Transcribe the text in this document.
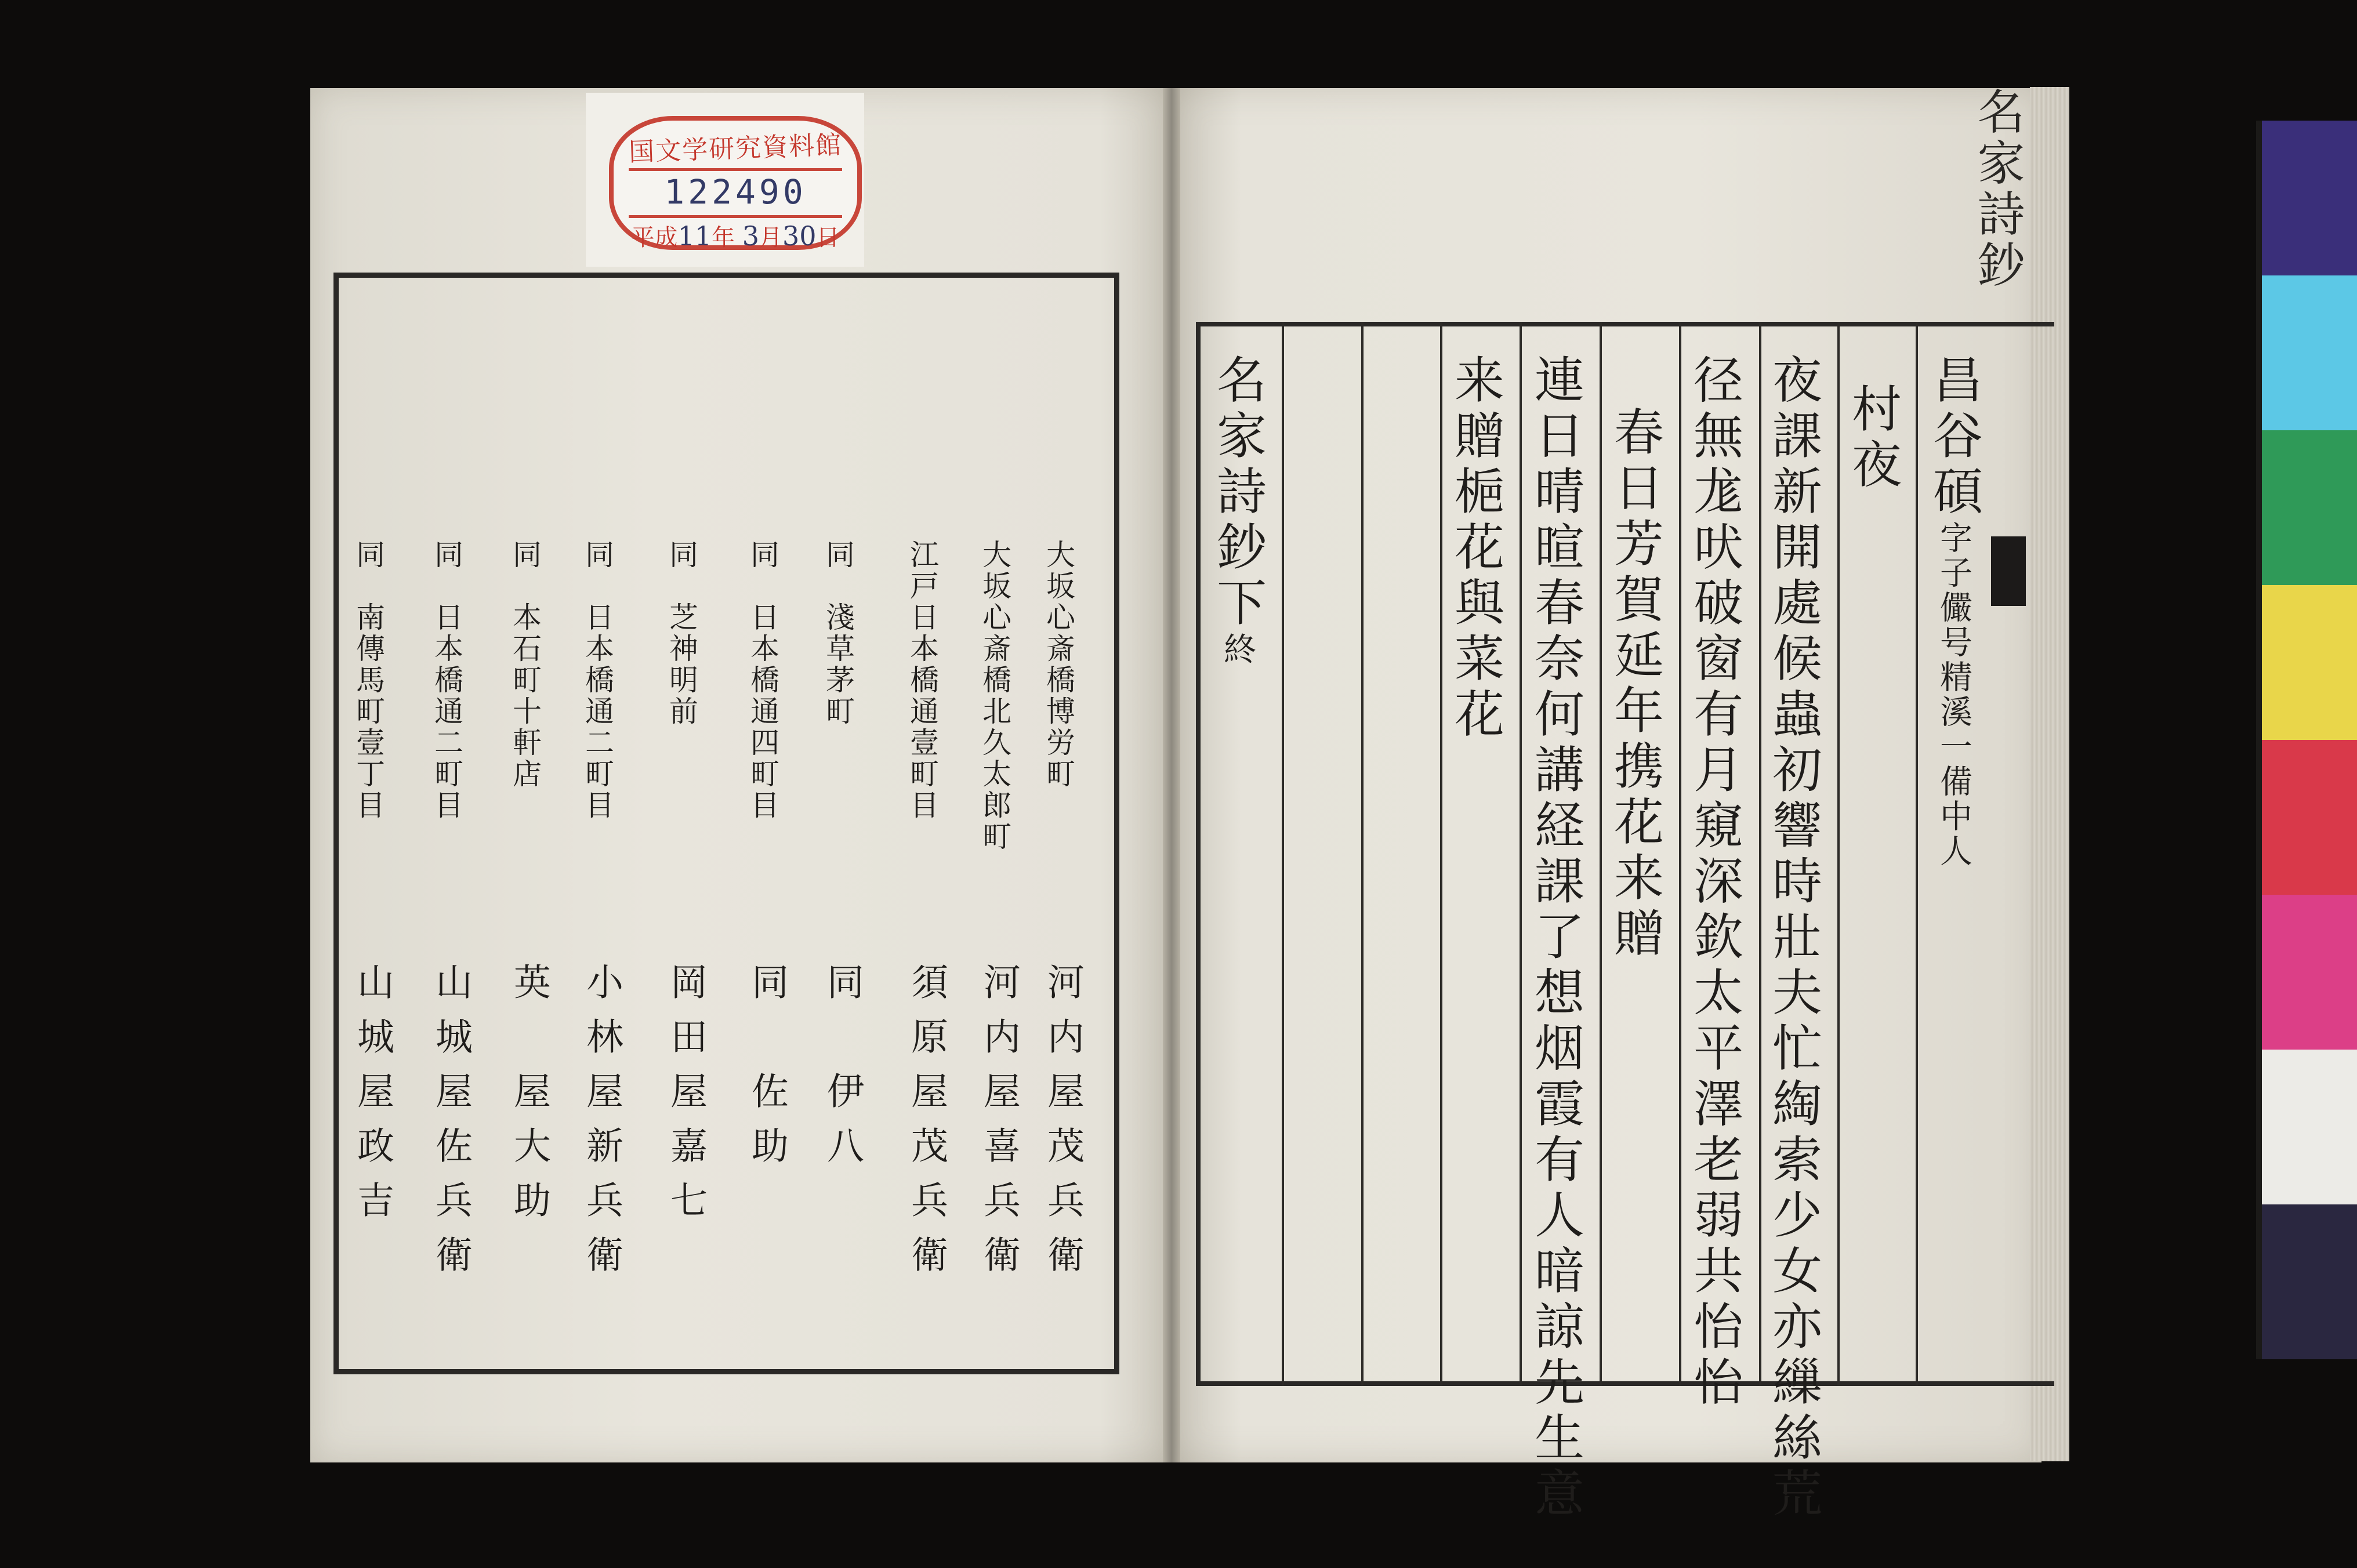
国文学研究資料館
122490
平成11年 3月30日
大坂心斎橋博労町
河内屋茂兵衛
大坂心斎橋北久太郎町
河内屋喜兵衛
江戸日本橋通壹町目
須原屋茂兵衛
同　淺草茅町
同　伊八
同　日本橋通四町目
同　佐助
同　芝神明前
岡田屋嘉七
同　日本橋通二町目
小林屋新兵衛
同　本石町十軒店
英　屋大助
同　日本橋通二町目
山城屋佐兵衛
同　南傳馬町壹丁目
山城屋政吉
昌谷碩字子儼号精溪一備中人
村夜
夜課新開處候蟲初響時壯夫忙綯索少女亦繅絲荒
径無尨吠破窗有月窺深欽太平澤老弱共怡怡
春日芳賀延年携花来贈
連日晴暄春奈何講経課了想烟霞有人暗諒先生意
来贈梔花與菜花
名家詩鈔下終
名家詩鈔
